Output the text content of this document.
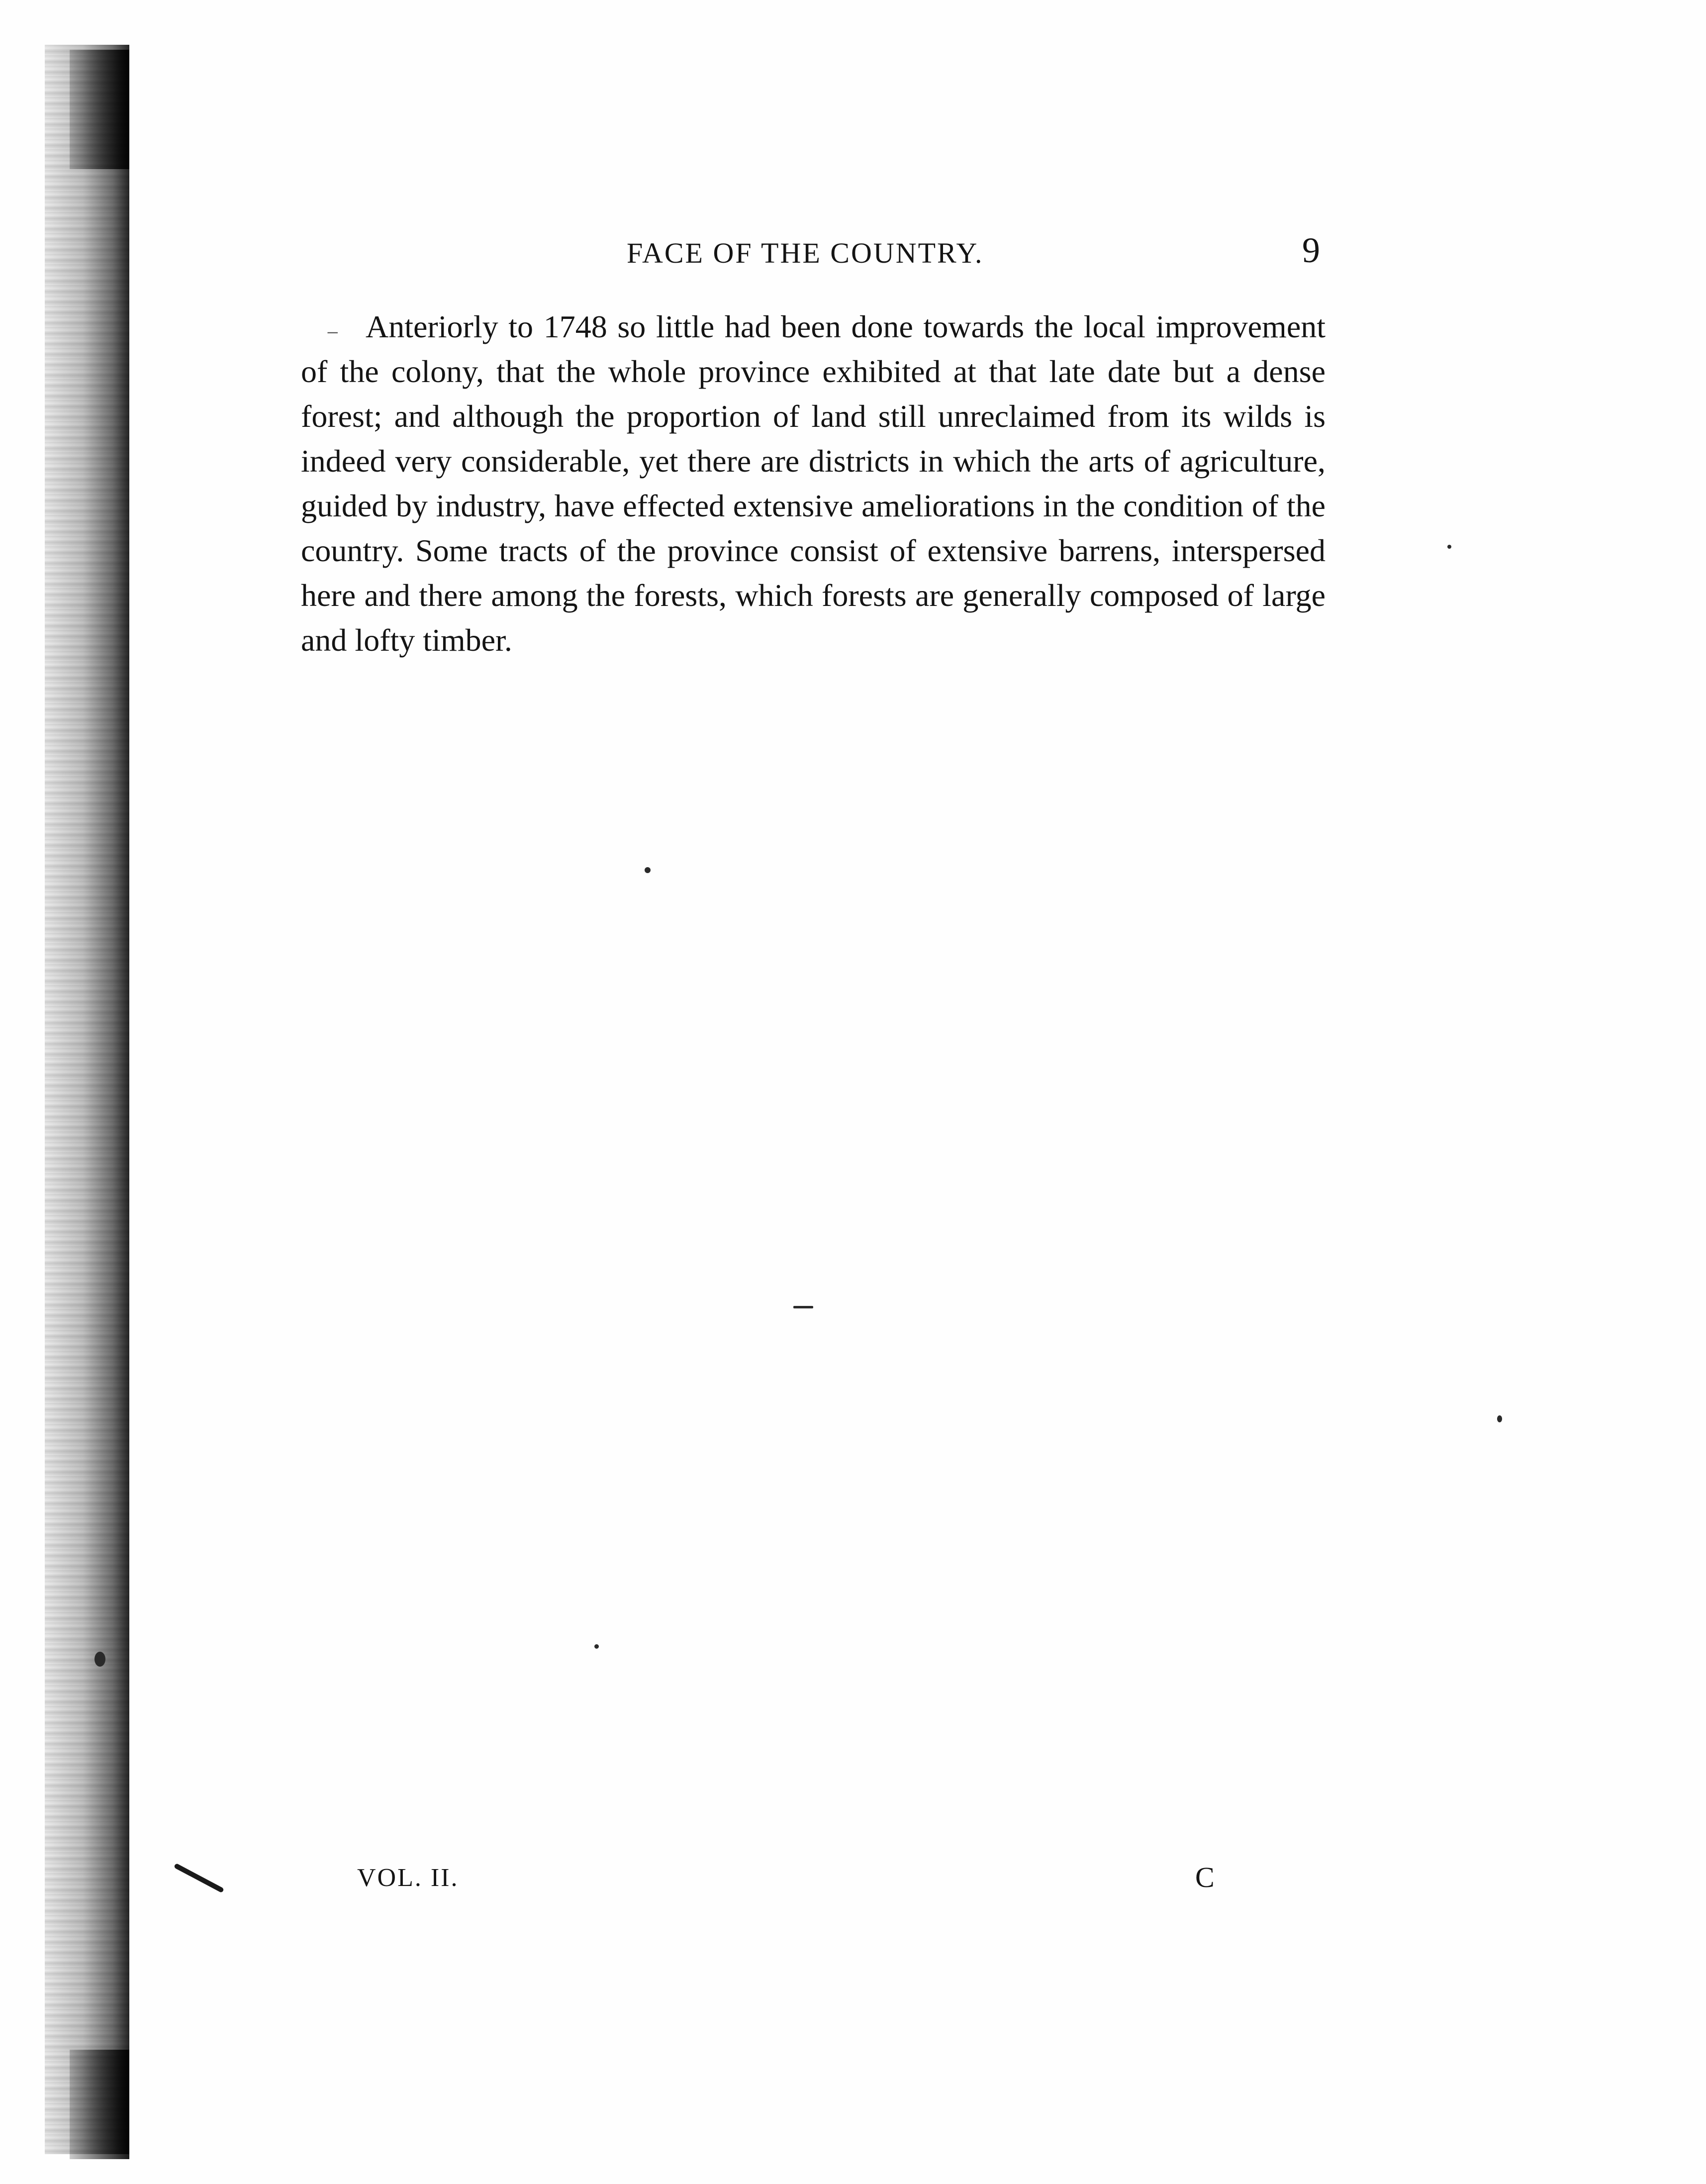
FACE OF THE COUNTRY.	9
⁻ Anteriorly to 1748 so little had been done towards the local improvement of the colony, that the whole province exhibited at that late date but a dense forest; and although the proportion of land still unreclaimed from its wilds is indeed very considerable, yet there are districts in which the arts of agriculture, guided by industry, have effected extensive ameliorations in the condition of the country. Some tracts of the province consist of extensive barrens, interspersed here and there among the forests, which forests are generally composed of large and lofty timber.
VOL. II.	C
